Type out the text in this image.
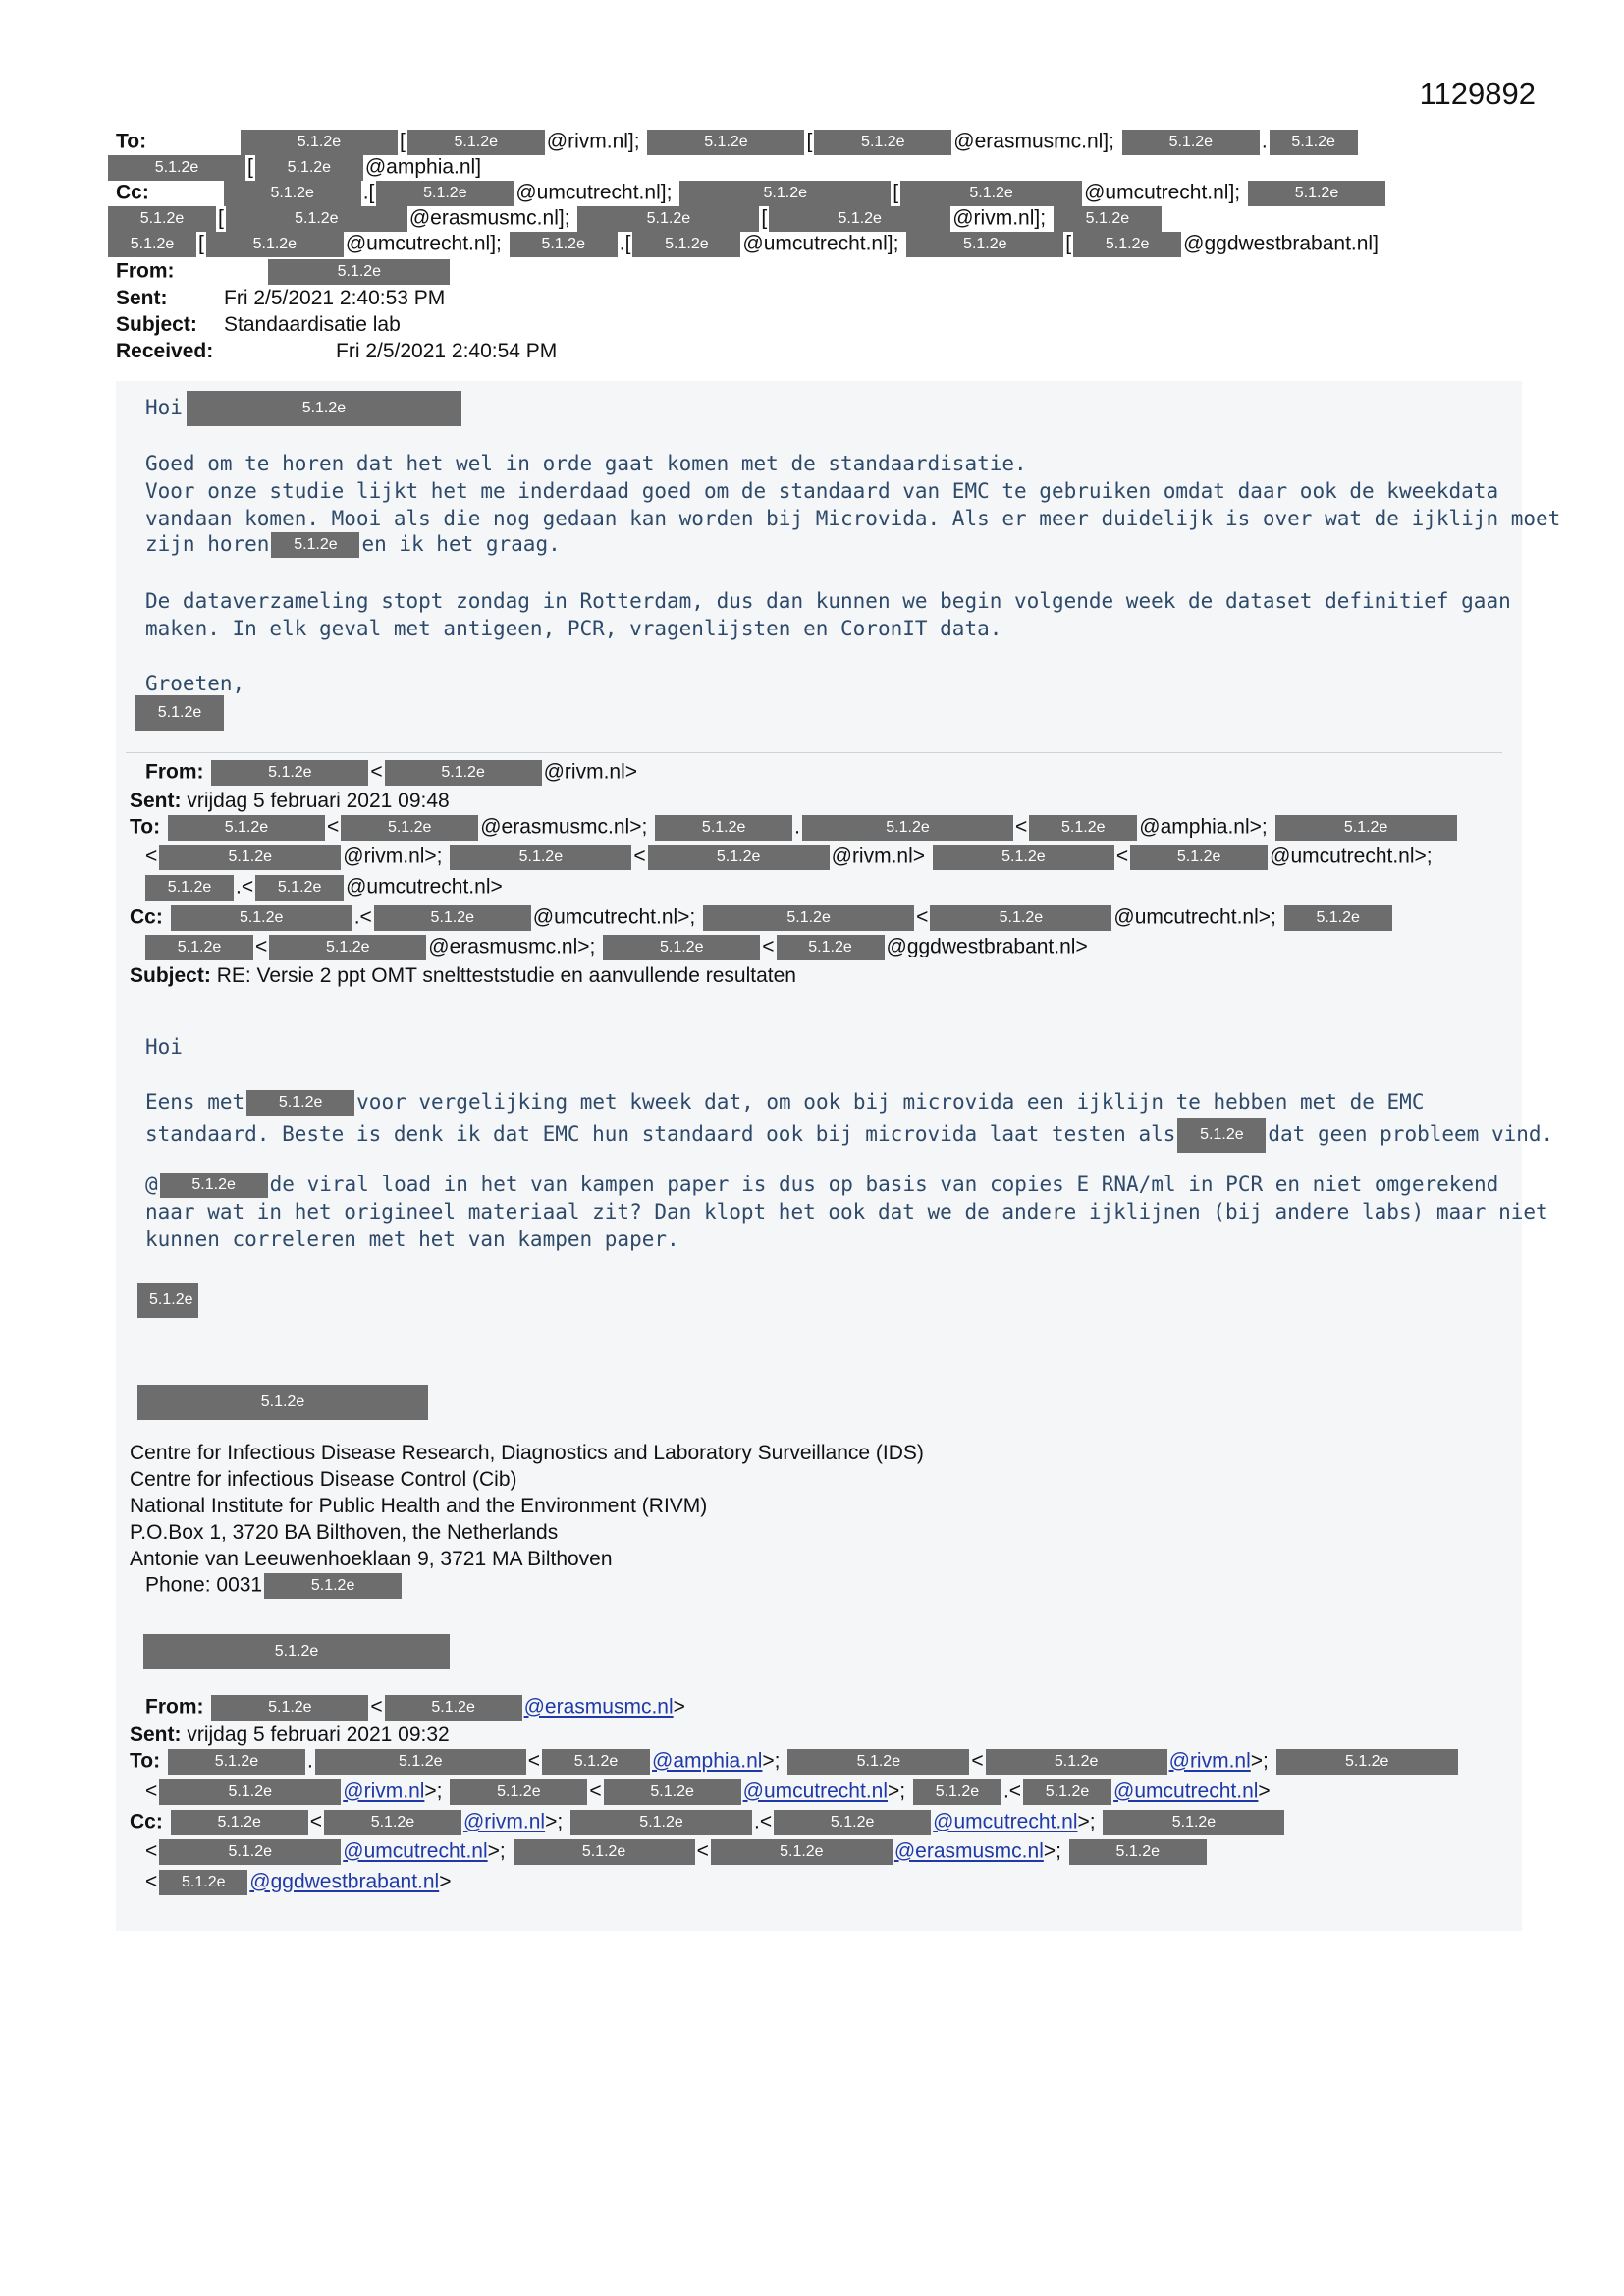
1129892
To:	5.1.2e	[	5.1.2e @rivm.nl];	5.1.2e	[	5.1.2e @erasmusmc.nl];	5.1.2e . 5.1.2e
5.1.2e [ 5.1.2e @amphia.nl]
Cc:	5.1.2e .[	5.1.2e @umcutrecht.nl];	5.1.2e	[	5.1.2e	@umcutrecht.nl];	5.1.2e
5.1.2e [	5.1.2e	@erasmusmc.nl];	5.1.2e	[	5.1.2e	@rivm.nl];	5.1.2e
5.1.2e [	5.1.2e @umcutrecht.nl];	5.1.2e .[ 5.1.2e @umcutrecht.nl];	5.1.2e	[ 5.1.2e @ggdwestbrabant.nl]
From:	5.1.2e
Sent:	Fri 2/5/2021 2:40:53 PM
Subject: Standaardisatie lab
Received:	Fri 2/5/2021 2:40:54 PM
Hoi	5.1.2e
Goed om te horen dat het wel in orde gaat komen met de standaardisatie.
Voor onze studie lijkt het me inderdaad goed om de standaard van EMC te gebruiken omdat daar ook de kweekdata
vandaan komen. Mooi als die nog gedaan kan worden bij Microvida. Als er meer duidelijk is over wat de ijklijn moet
zijn horen 5.1.2e en ik het graag.
De dataverzameling stopt zondag in Rotterdam, dus dan kunnen we begin volgende week de dataset definitief gaan
maken. In elk geval met antigeen, PCR, vragenlijsten en CoronIT data.
Groeten,
5.1.2e
From:	5.1.2e	<	5.1.2e	@rivm.nl>
Sent: vrijdag 5 februari 2021 09:48
To:	5.1.2e	<	5.1.2e @erasmusmc.nl>;	5.1.2e .	5.1.2e	< 5.1.2e @amphia.nl>;	5.1.2e
<	5.1.2e	@rivm.nl>;	5.1.2e	<	5.1.2e	@rivm.nl>	5.1.2e	<	5.1.2e @umcutrecht.nl>;
5.1.2e .< 5.1.2e @umcutrecht.nl>
Cc:	5.1.2e	.<	5.1.2e	@umcutrecht.nl>;	5.1.2e	<	5.1.2e	@umcutrecht.nl>;	5.1.2e
5.1.2e <	5.1.2e	@erasmusmc.nl>;	5.1.2e	< 5.1.2e @ggdwestbrabant.nl>
Subject: RE: Versie 2 ppt OMT sneltteststudie en aanvullende resultaten
Hoi
Eens met 5.1.2e voor vergelijking met kweek dat, om ook bij microvida een ijklijn te hebben met de EMC
standaard. Beste is denk ik dat EMC hun standaard ook bij microvida laat testen als 5.1.2e dat geen probleem vind.
@ 5.1.2e de viral load in het van kampen paper is dus op basis van copies E RNA/ml in PCR en niet omgerekend
naar wat in het origineel materiaal zit? Dan klopt het ook dat we de andere ijklijnen (bij andere labs) maar niet
kunnen correleren met het van kampen paper.
5.1.2e
5.1.2e
Centre for Infectious Disease Research, Diagnostics and Laboratory Surveillance (IDS)
Centre for infectious Disease Control (Cib)
National Institute for Public Health and the Environment (RIVM)
P.O.Box 1, 3720 BA Bilthoven, the Netherlands
Antonie van Leeuwenhoeklaan 9, 3721 MA Bilthoven
Phone: 0031	5.1.2e
5.1.2e
From:	5.1.2e	<	5.1.2e @erasmusmc.nl>
Sent: vrijdag 5 februari 2021 09:32
To:	5.1.2e .	5.1.2e	< 5.1.2e @amphia.nl>;	5.1.2e	<	5.1.2e	@rivm.nl>;	5.1.2e
<	5.1.2e	@rivm.nl>;	5.1.2e <	5.1.2e @umcutrecht.nl>; 5.1.2e .< 5.1.2e @umcutrecht.nl>
Cc:	5.1.2e <	5.1.2e @rivm.nl>;	5.1.2e	.<	5.1.2e	@umcutrecht.nl>;	5.1.2e
<	5.1.2e	@umcutrecht.nl>;	5.1.2e	<	5.1.2e	@erasmusmc.nl>;	5.1.2e
< 5.1.2e @ggdwestbrabant.nl>
